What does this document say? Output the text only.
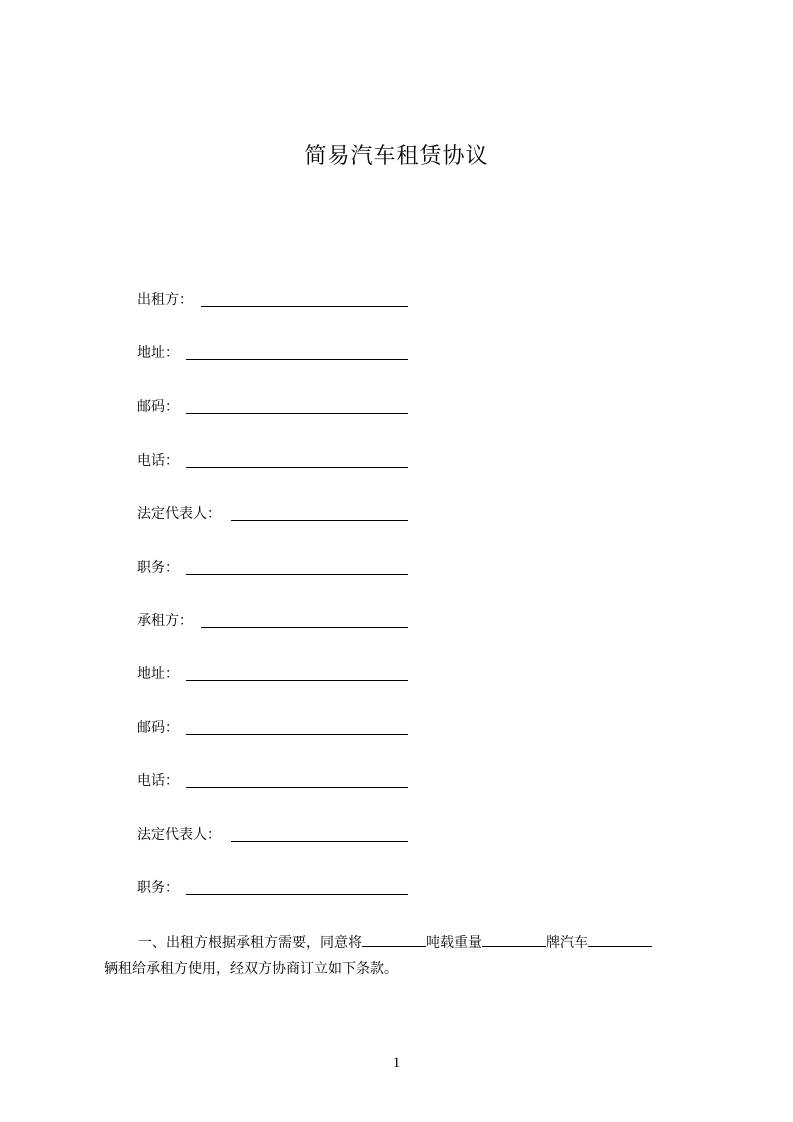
简易汽车租赁协议
出租方：
地址：
邮码：
电话：
法定代表人：
职务：
承租方：
地址：
邮码：
电话：
法定代表人：
职务：
一、出租方根据承租方需要，同意将	吨载重量	牌汽车
辆租给承租方使用，经双方协商订立如下条款。
1
